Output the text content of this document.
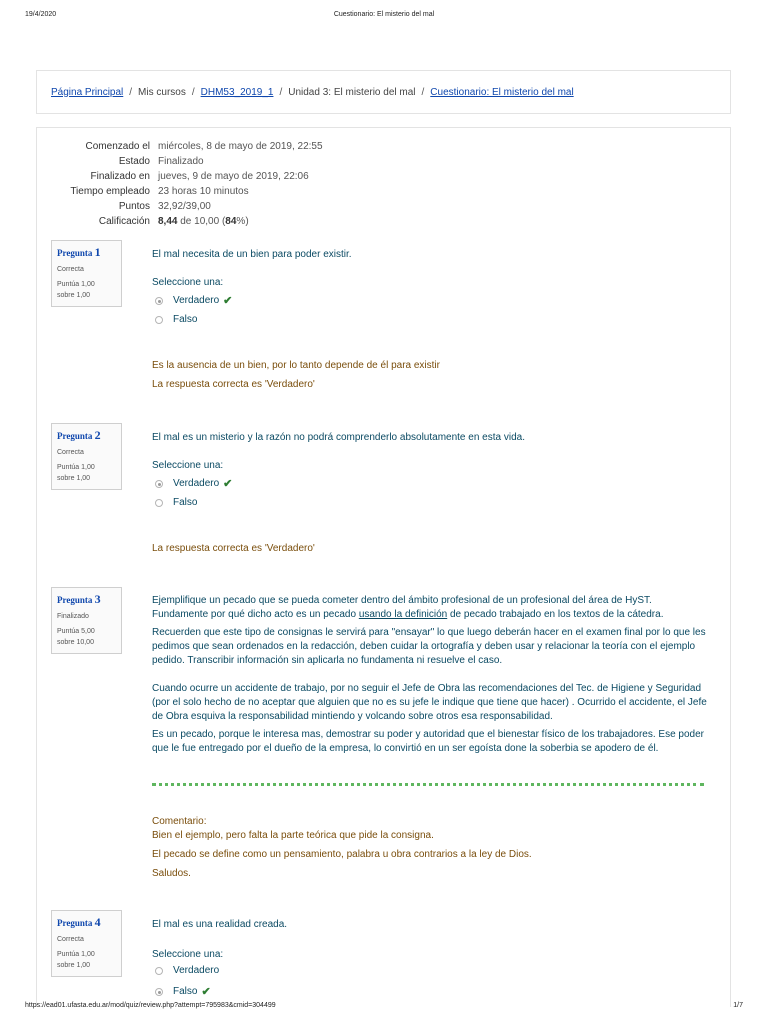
19/4/2020	Cuestionario: El misterio del mal
Página Principal / Mis cursos / DHM53_2019_1 / Unidad 3: El misterio del mal / Cuestionario: El misterio del mal
Comenzado el miércoles, 8 de mayo de 2019, 22:55
Estado Finalizado
Finalizado en jueves, 9 de mayo de 2019, 22:06
Tiempo empleado 23 horas 10 minutos
Puntos 32,92/39,00
Calificación 8,44 de 10,00 (84%)
Pregunta 1
Correcta
Puntúa 1,00
sobre 1,00
El mal necesita de un bien para poder existir.
Seleccione una:
Verdadero ✔
Falso
Es la ausencia de un bien, por lo tanto depende de él para existir
La respuesta correcta es 'Verdadero'
Pregunta 2
Correcta
Puntúa 1,00
sobre 1,00
El mal es un misterio y la razón no podrá comprenderlo absolutamente en esta vida.
Seleccione una:
Verdadero ✔
Falso
La respuesta correcta es 'Verdadero'
Pregunta 3
Finalizado
Puntúa 5,00
sobre 10,00

Ejemplifique un pecado que se pueda cometer dentro del ámbito profesional de un profesional del área de HyST.

Fundamente por qué dicho acto es un pecado usando la definición de pecado trabajado en los textos de la cátedra.

Recuerden que este tipo de consignas le servirá para "ensayar" lo que luego deberán hacer en el examen final por lo que les pedimos que sean ordenados en la redacción, deben cuidar la ortografía y deben usar y relacionar la teoría con el ejemplo pedido. Transcribir información sin aplicarla no fundamenta ni resuelve el caso.

Cuando ocurre un accidente de trabajo, por no seguir el Jefe de Obra las recomendaciones del Tec. de Higiene y Seguridad (por el solo hecho de no aceptar que alguien que no es su jefe le indique que tiene que hacer) . Ocurrido el accidente, el Jefe de Obra esquiva la responsabilidad mintiendo y volcando sobre otros esa responsabilidad.

Es un pecado, porque le interesa mas, demostrar su poder y autoridad que el bienestar físico de los trabajadores. Ese poder que le fue entregado por el dueño de la empresa, lo convirtió en un ser egoísta done la soberbia se apodero de él.

Comentario:

Bien el ejemplo, pero falta la parte teórica que pide la consigna.

El pecado se define como un pensamiento, palabra u obra contrarios a la ley de Dios.

Saludos.

Pregunta 4
Correcta
Puntúa 1,00
sobre 1,00
El mal es una realidad creada.
Seleccione una:
Verdadero
Falso ✔
https://ead01.ufasta.edu.ar/mod/quiz/review.php?attempt=795983&cmid=304499	1/7
